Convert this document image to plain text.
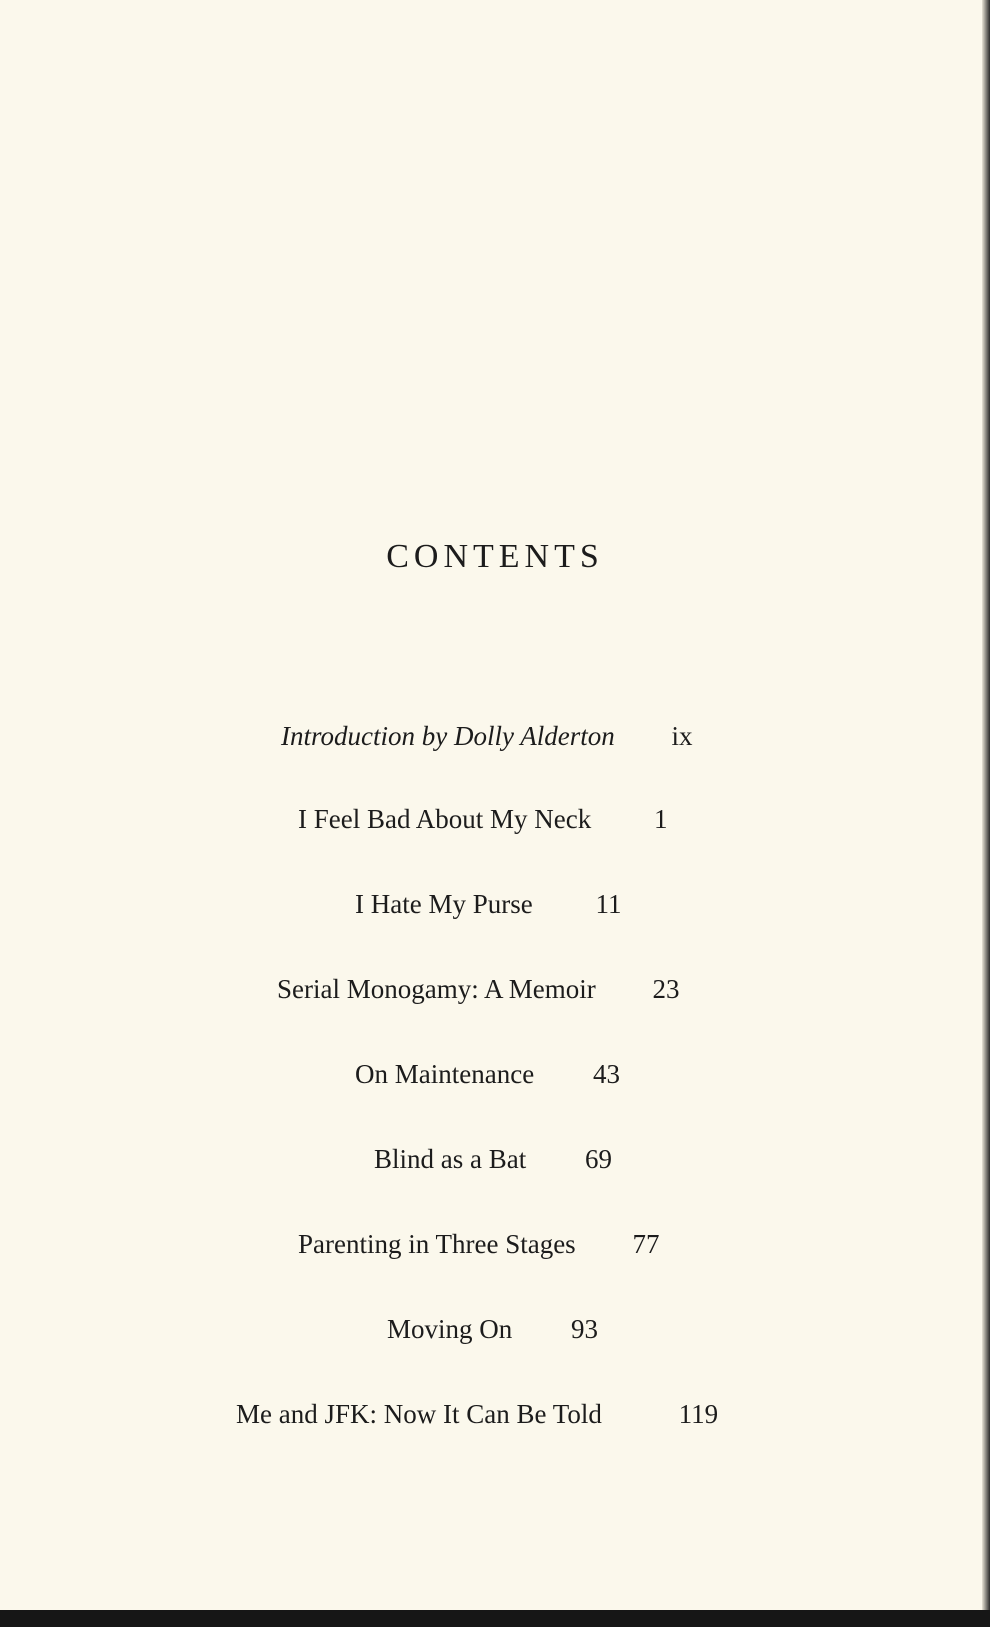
CONTENTS
Introduction by Dolly Alderton ix
I Feel Bad About My Neck 1
I Hate My Purse 11
Serial Monogamy: A Memoir 23
On Maintenance 43
Blind as a Bat 69
Parenting in Three Stages 77
Moving On 93
Me and JFK: Now It Can Be Told	119
